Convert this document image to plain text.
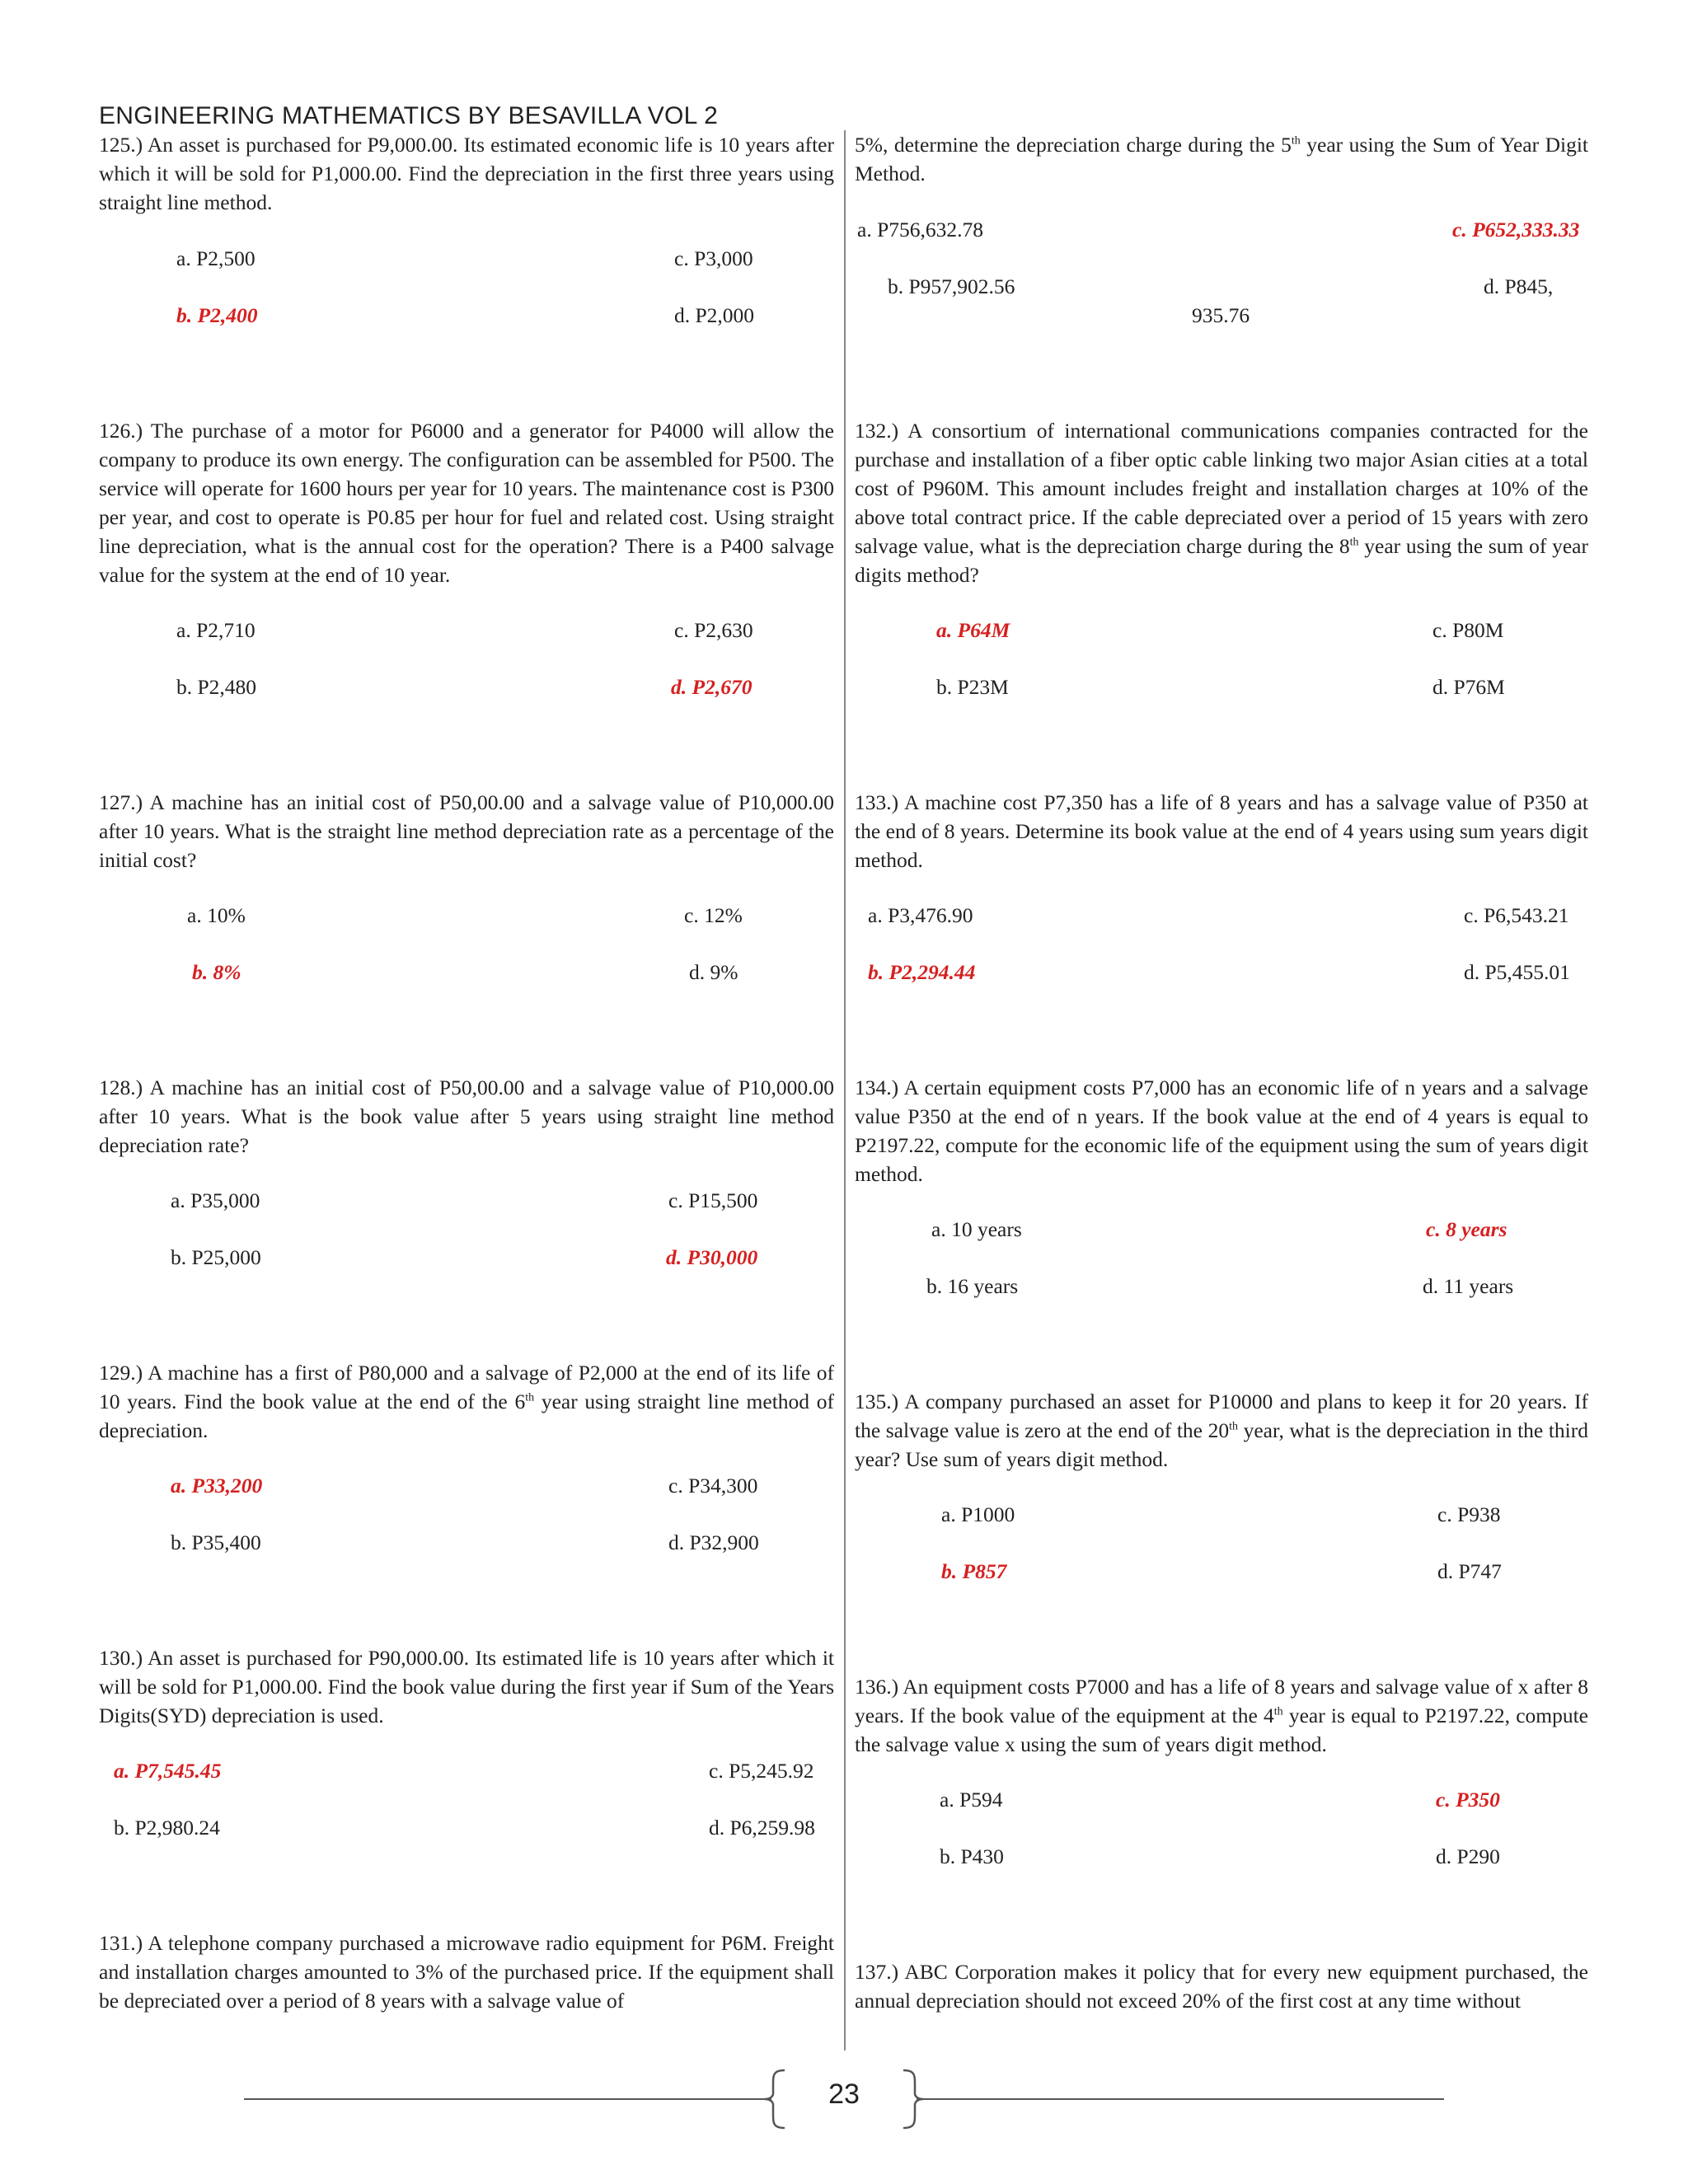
ENGINEERING MATHEMATICS BY BESAVILLA VOL 2
125.) An asset is purchased for P9,000.00. Its estimated economic life is 10 years after which it will be sold for P1,000.00. Find the depreciation in the first three years using straight line method.
a. P2,500	c. P3,000
b. P2,400	d. P2,000
126.) The purchase of a motor for P6000 and a generator for P4000 will allow the company to produce its own energy. The configuration can be assembled for P500. The service will operate for 1600 hours per year for 10 years. The maintenance cost is P300 per year, and cost to operate is P0.85 per hour for fuel and related cost. Using straight line depreciation, what is the annual cost for the operation? There is a P400 salvage value for the system at the end of 10 year.
a. P2,710	c. P2,630
b. P2,480	d. P2,670
127.) A machine has an initial cost of P50,00.00 and a salvage value of P10,000.00 after 10 years. What is the straight line method depreciation rate as a percentage of the initial cost?
a. 10%	c. 12%
b. 8%	d. 9%
128.) A machine has an initial cost of P50,00.00 and a salvage value of P10,000.00 after 10 years. What is the book value after 5 years using straight line method depreciation rate?
a. P35,000	c. P15,500
b. P25,000	d. P30,000
129.) A machine has a first of P80,000 and a salvage of P2,000 at the end of its life of 10 years. Find the book value at the end of the 6th year using straight line method of depreciation.
a. P33,200	c. P34,300
b. P35,400	d. P32,900
130.) An asset is purchased for P90,000.00. Its estimated life is 10 years after which it will be sold for P1,000.00. Find the book value during the first year if Sum of the Years Digits(SYD) depreciation is used.
a. P7,545.45	c. P5,245.92
b. P2,980.24	d. P6,259.98
131.) A telephone company purchased a microwave radio equipment for P6M. Freight and installation charges amounted to 3% of the purchased price. If the equipment shall be depreciated over a period of 8 years with a salvage value of
5%, determine the depreciation charge during the 5th year using the Sum of Year Digit Method.
a. P756,632.78	c. P652,333.33
b. P957,902.56	d. P845,
935.76
132.) A consortium of international communications companies contracted for the purchase and installation of a fiber optic cable linking two major Asian cities at a total cost of P960M. This amount includes freight and installation charges at 10% of the above total contract price. If the cable depreciated over a period of 15 years with zero salvage value, what is the depreciation charge during the 8th year using the sum of year digits method?
a. P64M	c. P80M
b. P23M	d. P76M
133.) A machine cost P7,350 has a life of 8 years and has a salvage value of P350 at the end of 8 years. Determine its book value at the end of 4 years using sum years digit method.
a. P3,476.90	c. P6,543.21
b. P2,294.44	d. P5,455.01
134.) A certain equipment costs P7,000 has an economic life of n years and a salvage value P350 at the end of n years. If the book value at the end of 4 years is equal to P2197.22, compute for the economic life of the equipment using the sum of years digit method.
a. 10 years	c. 8 years
b. 16 years	d. 11 years
135.) A company purchased an asset for P10000 and plans to keep it for 20 years. If the salvage value is zero at the end of the 20th year, what is the depreciation in the third year? Use sum of years digit method.
a. P1000	c. P938
b. P857	d. P747
136.) An equipment costs P7000 and has a life of 8 years and salvage value of x after 8 years. If the book value of the equipment at the 4th year is equal to P2197.22, compute the salvage value x using the sum of years digit method.
a. P594	c. P350
b. P430	d. P290
137.) ABC Corporation makes it policy that for every new equipment purchased, the annual depreciation should not exceed 20% of the first cost at any time without
23
